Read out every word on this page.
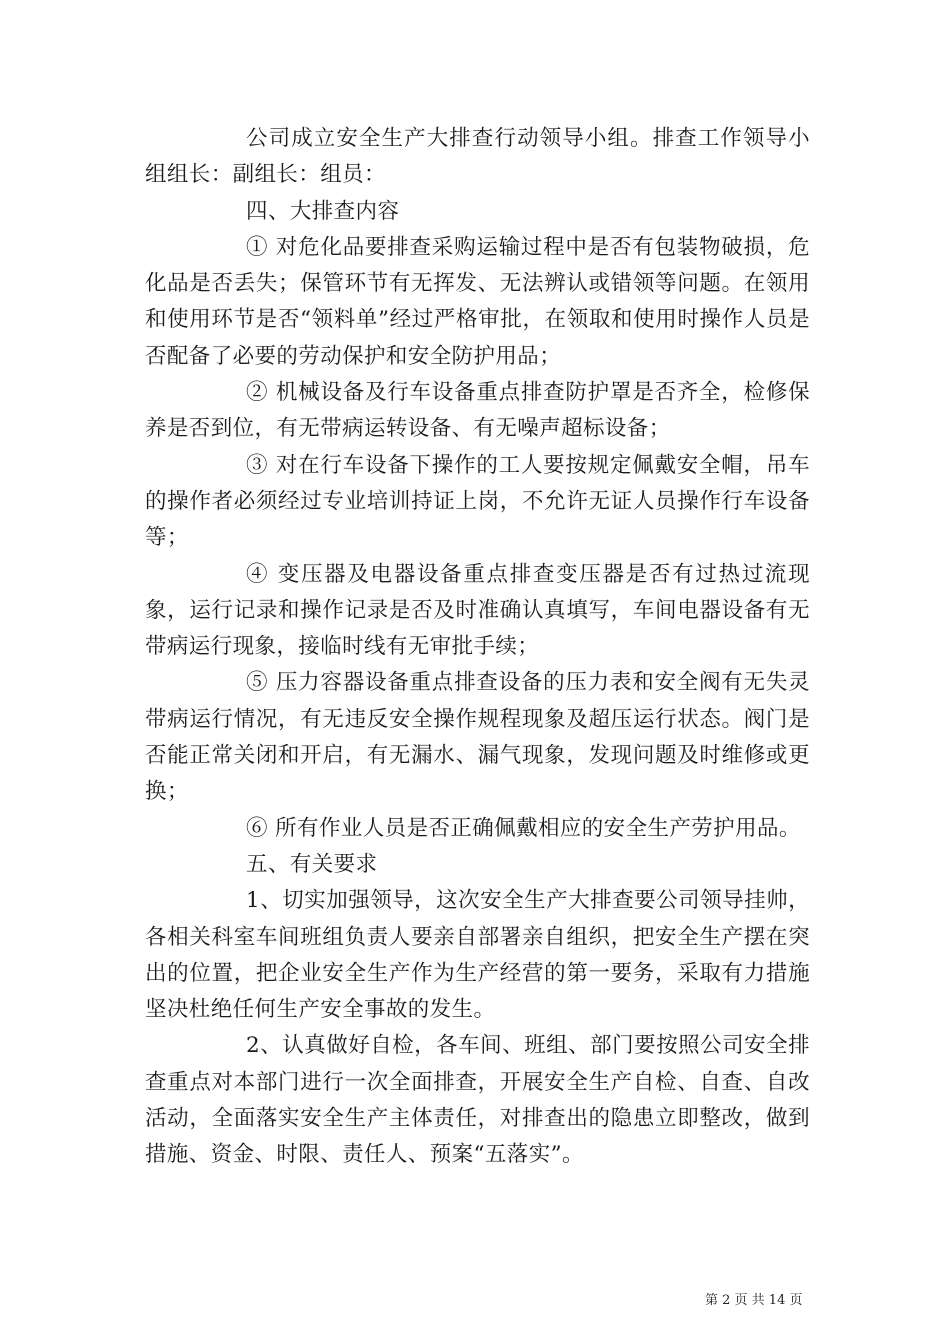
公司成立安全生产大排查行动领导小组。排查工作领导小组组长：副组长：组员：

四、大排查内容

① 对危化品要排查采购运输过程中是否有包装物破损，危化品是否丢失；保管环节有无挥发、无法辨认或错领等问题。在领用和使用环节是否“领料单”经过严格审批，在领取和使用时操作人员是否配备了必要的劳动保护和安全防护用品；

② 机械设备及行车设备重点排查防护罩是否齐全，检修保养是否到位，有无带病运转设备、有无噪声超标设备；

③ 对在行车设备下操作的工人要按规定佩戴安全帽，吊车的操作者必须经过专业培训持证上岗，不允许无证人员操作行车设备等；

④ 变压器及电器设备重点排查变压器是否有过热过流现象，运行记录和操作记录是否及时准确认真填写，车间电器设备有无带病运行现象，接临时线有无审批手续；

⑤ 压力容器设备重点排查设备的压力表和安全阀有无失灵带病运行情况，有无违反安全操作规程现象及超压运行状态。阀门是否能正常关闭和开启，有无漏水、漏气现象，发现问题及时维修或更换；

⑥ 所有作业人员是否正确佩戴相应的安全生产劳护用品。

五、有关要求

1、切实加强领导，这次安全生产大排查要公司领导挂帅，各相关科室车间班组负责人要亲自部署亲自组织，把安全生产摆在突出的位置，把企业安全生产作为生产经营的第一要务，采取有力措施坚决杜绝任何生产安全事故的发生。

2、认真做好自检，各车间、班组、部门要按照公司安全排查重点对本部门进行一次全面排查，开展安全生产自检、自查、自改活动，全面落实安全生产主体责任，对排查出的隐患立即整改，做到措施、资金、时限、责任人、预案“五落实”。

第 2 页 共 14 页
